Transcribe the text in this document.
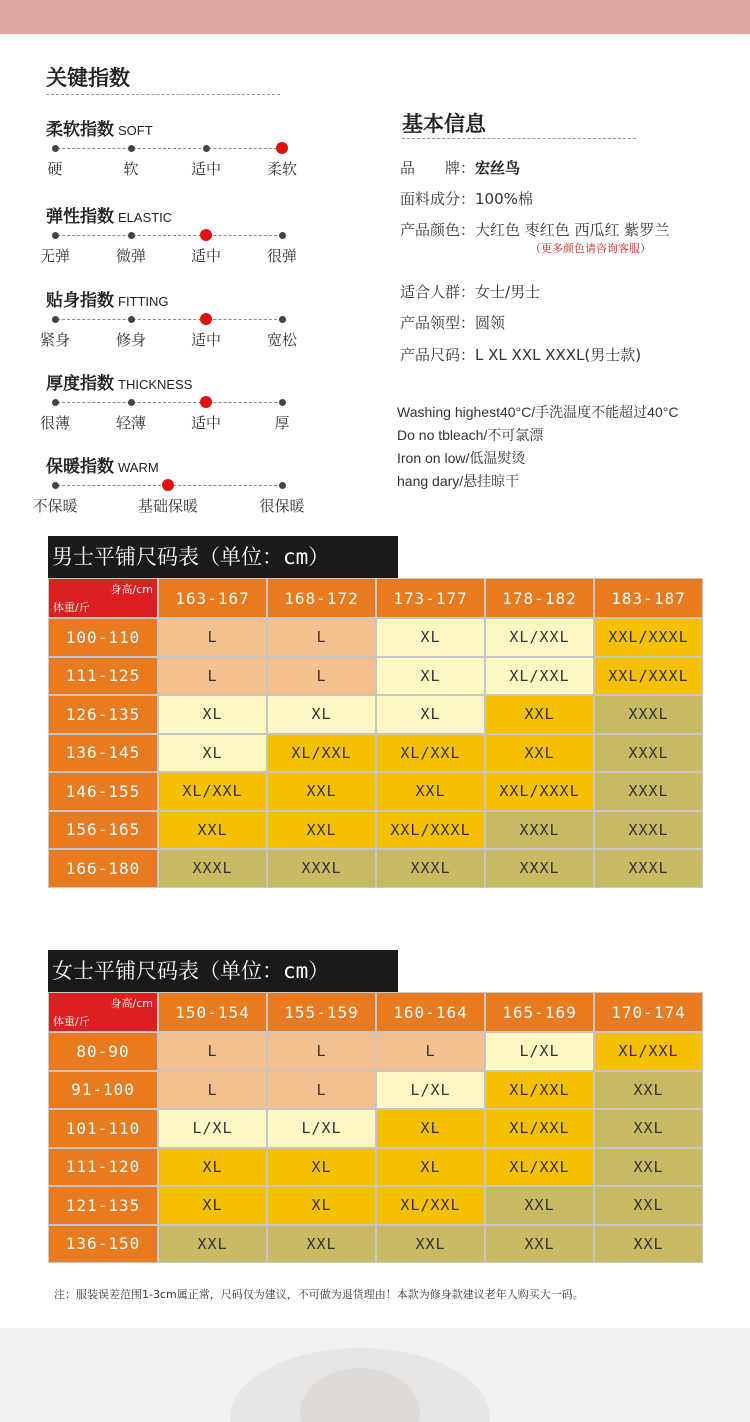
关键指数
柔软指数 SOFT
硬	软	适中	柔软
弹性指数 ELASTIC
无弹	微弹	适中	很弹
贴身指数 FITTING
紧身	修身	适中	宽松
厚度指数 THICKNESS
很薄	轻薄	适中	厚
保暖指数 WARM
不保暖	基础保暖	很保暖
基本信息
品　　牌：宏丝鸟
面料成分：100%棉
产品颜色：大红色 枣红色 西瓜红 紫罗兰
（更多颜色请咨询客服）
适合人群：女士/男士
产品领型：圆领
产品尺码：L XL XXL XXXL(男士款)
Washing highest40°C/手洗温度不能超过40°C
Do no tbleach/不可氯漂
Iron on low/低温熨烫
hang dary/悬挂晾干
男士平铺尺码表（单位：cm）
身高/cm
体重/斤	163-167	168-172	173-177	178-182	183-187
100-110	L	L	XL	XL/XXL	XXL/XXXL
111-125	L	L	XL	XL/XXL	XXL/XXXL
126-135	XL	XL	XL	XXL	XXXL
136-145	XL	XL/XXL	XL/XXL	XXL	XXXL
146-155	XL/XXL	XXL	XXL	XXL/XXXL	XXXL
156-165	XXL	XXL	XXL/XXXL	XXXL	XXXL
166-180	XXXL	XXXL	XXXL	XXXL	XXXL
女士平铺尺码表（单位：cm）
身高/cm
体重/斤	150-154	155-159	160-164	165-169	170-174
80-90	L	L	L	L/XL	XL/XXL
91-100	L	L	L/XL	XL/XXL	XXL
101-110	L/XL	L/XL	XL	XL/XXL	XXL
111-120	XL	XL	XL	XL/XXL	XXL
121-135	XL	XL	XL/XXL	XXL	XXL
136-150	XXL	XXL	XXL	XXL	XXL
注：服装误差范围1-3cm属正常，尺码仅为建议，不可做为退货理由！本款为修身款建议老年人购买大一码。
